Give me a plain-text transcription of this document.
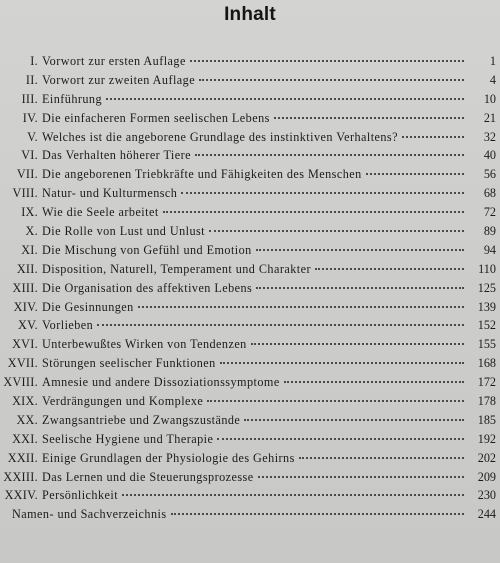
Inhalt
I. Vorwort zur ersten Auflage	1
II. Vorwort zur zweiten Auflage	4
III. Einführung	10
IV. Die einfacheren Formen seelischen Lebens	21
V. Welches ist die angeborene Grundlage des instinktiven Verhaltens?	32
VI. Das Verhalten höherer Tiere	40
VII. Die angeborenen Triebkräfte und Fähigkeiten des Menschen	56
VIII. Natur- und Kulturmensch	68
IX. Wie die Seele arbeitet	72
X. Die Rolle von Lust und Unlust	89
XI. Die Mischung von Gefühl und Emotion	94
XII. Disposition, Naturell, Temperament und Charakter	110
XIII. Die Organisation des affektiven Lebens	125
XIV. Die Gesinnungen	139
XV. Vorlieben	152
XVI. Unterbewußtes Wirken von Tendenzen	155
XVII. Störungen seelischer Funktionen	168
XVIII. Amnesie und andere Dissoziationssymptome	172
XIX. Verdrängungen und Komplexe	178
XX. Zwangsantriebe und Zwangszustände	185
XXI. Seelische Hygiene und Therapie	192
XXII. Einige Grundlagen der Physiologie des Gehirns	202
XXIII. Das Lernen und die Steuerungsprozesse	209
XXIV. Persönlichkeit	230
Namen- und Sachverzeichnis	244
